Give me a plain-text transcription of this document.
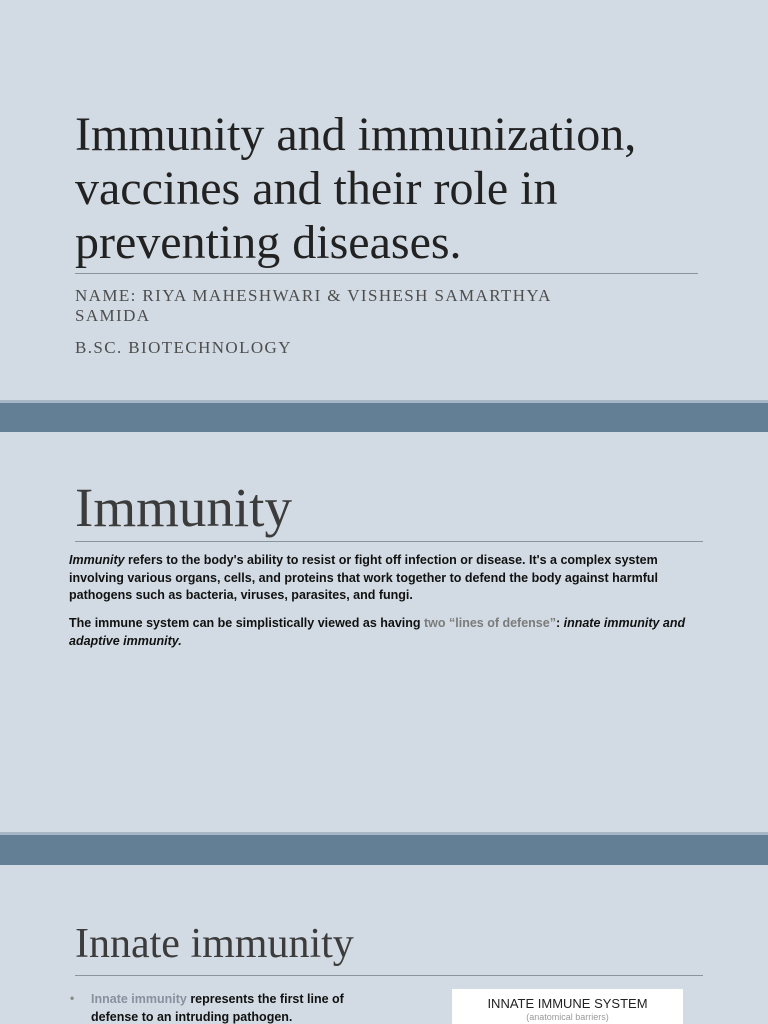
Immunity and immunization,
vaccines and their role in
preventing diseases.

NAME: RIYA MAHESHWARI & VISHESH SAMARTHYA
SAMIDA

B.SC. BIOTECHNOLOGY

Immunity

Immunity refers to the body's ability to resist or fight off infection or disease. It's a complex system involving various organs, cells, and proteins that work together to defend the body against harmful pathogens such as bacteria, viruses, parasites, and fungi.

The immune system can be simplistically viewed as having two “lines of defense”: innate immunity and adaptive immunity.

Innate immunity
•	Innate immunity represents the first line of defense to an intruding pathogen.

INNATE IMMUNE SYSTEM

(anatomical barriers)
